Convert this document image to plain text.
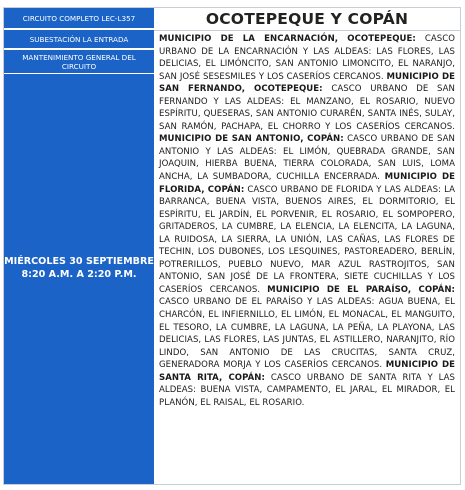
CIRCUITO COMPLETO LEC-L357
SUBESTACIÓN LA ENTRADA
MANTENIMIENTO GENERAL DEL CIRCUITO
MIÉRCOLES 30 SEPTIEMBRE
8:20 A.M. A 2:20 P.M.
OCOTEPEQUE Y COPÁN
MUNICIPIO DE LA ENCARNACIÓN, OCOTEPEQUE: CASCO URBANO DE LA ENCARNACIÓN Y LAS ALDEAS: LAS FLORES, LAS DELICIAS, EL LIMÓNCITO, SAN ANTONIO LIMONCITO, EL NARANJO, SAN JOSÉ SESESMILES Y LOS CASERÍOS CERCANOS. MUNICIPIO DE SAN FERNANDO, OCOTEPEQUE: CASCO URBANO DE SAN FERNANDO Y LAS ALDEAS: EL MANZANO, EL ROSARIO, NUEVO ESPÍRITU, QUESERAS, SAN ANTONIO CURARÉN, SANTA INÉS, SULAY, SAN RAMÓN, PACHAPA, EL CHORRO Y LOS CASERÍOS CERCANOS. MUNICIPIO DE SAN ANTONIO, COPÁN: CASCO URBANO DE SAN ANTONIO Y LAS ALDEAS: EL LIMÓN, QUEBRADA GRANDE, SAN JOAQUIN, HIERBA BUENA, TIERRA COLORADA, SAN LUIS, LOMA ANCHA, LA SUMBADORA, CUCHILLA ENCERRADA. MUNICIPIO DE FLORIDA, COPÁN: CASCO URBANO DE FLORIDA Y LAS ALDEAS: LA BARRANCA, BUENA VISTA, BUENOS AIRES, EL DORMITORIO, EL ESPÍRITU, EL JARDÍN, EL PORVENIR, EL ROSARIO, EL SOMPOPERO, GRITADEROS, LA CUMBRE, LA ELENCIA, LA ELENCITA, LA LAGUNA, LA RUIDOSA, LA SIERRA, LA UNIÓN, LAS CAÑAS, LAS FLORES DE TECHIN, LOS DUBONES, LOS LESQUINES, PASTOREADERO, BERLÍN, POTRERILLOS, PUEBLO NUEVO, MAR AZUL RASTROJITOS, SAN ANTONIO, SAN JOSÉ DE LA FRONTERA, SIETE CUCHILLAS Y LOS CASERÍOS CERCANOS. MUNICIPIO DE EL PARAÍSO, COPÁN: CASCO URBANO DE EL PARAÍSO Y LAS ALDEAS: AGUA BUENA, EL CHARCÓN, EL INFIERNILLO, EL LIMÓN, EL MONACAL, EL MANGUITO, EL TESORO, LA CUMBRE, LA LAGUNA, LA PEÑA, LA PLAYONA, LAS DELICIAS, LAS FLORES, LAS JUNTAS, EL ASTILLERO, NARANJITO, RÍO LINDO, SAN ANTONIO DE LAS CRUCITAS, SANTA CRUZ, GENERADORA MORJA Y LOS CASERÍOS CERCANOS. MUNICIPIO DE SANTA RITA, COPÁN: CASCO URBANO DE SANTA RITA Y LAS ALDEAS: BUENA VISTA, CAMPAMENTO, EL JARAL, EL MIRADOR, EL PLANÓN, EL RAISAL, EL ROSARIO.
